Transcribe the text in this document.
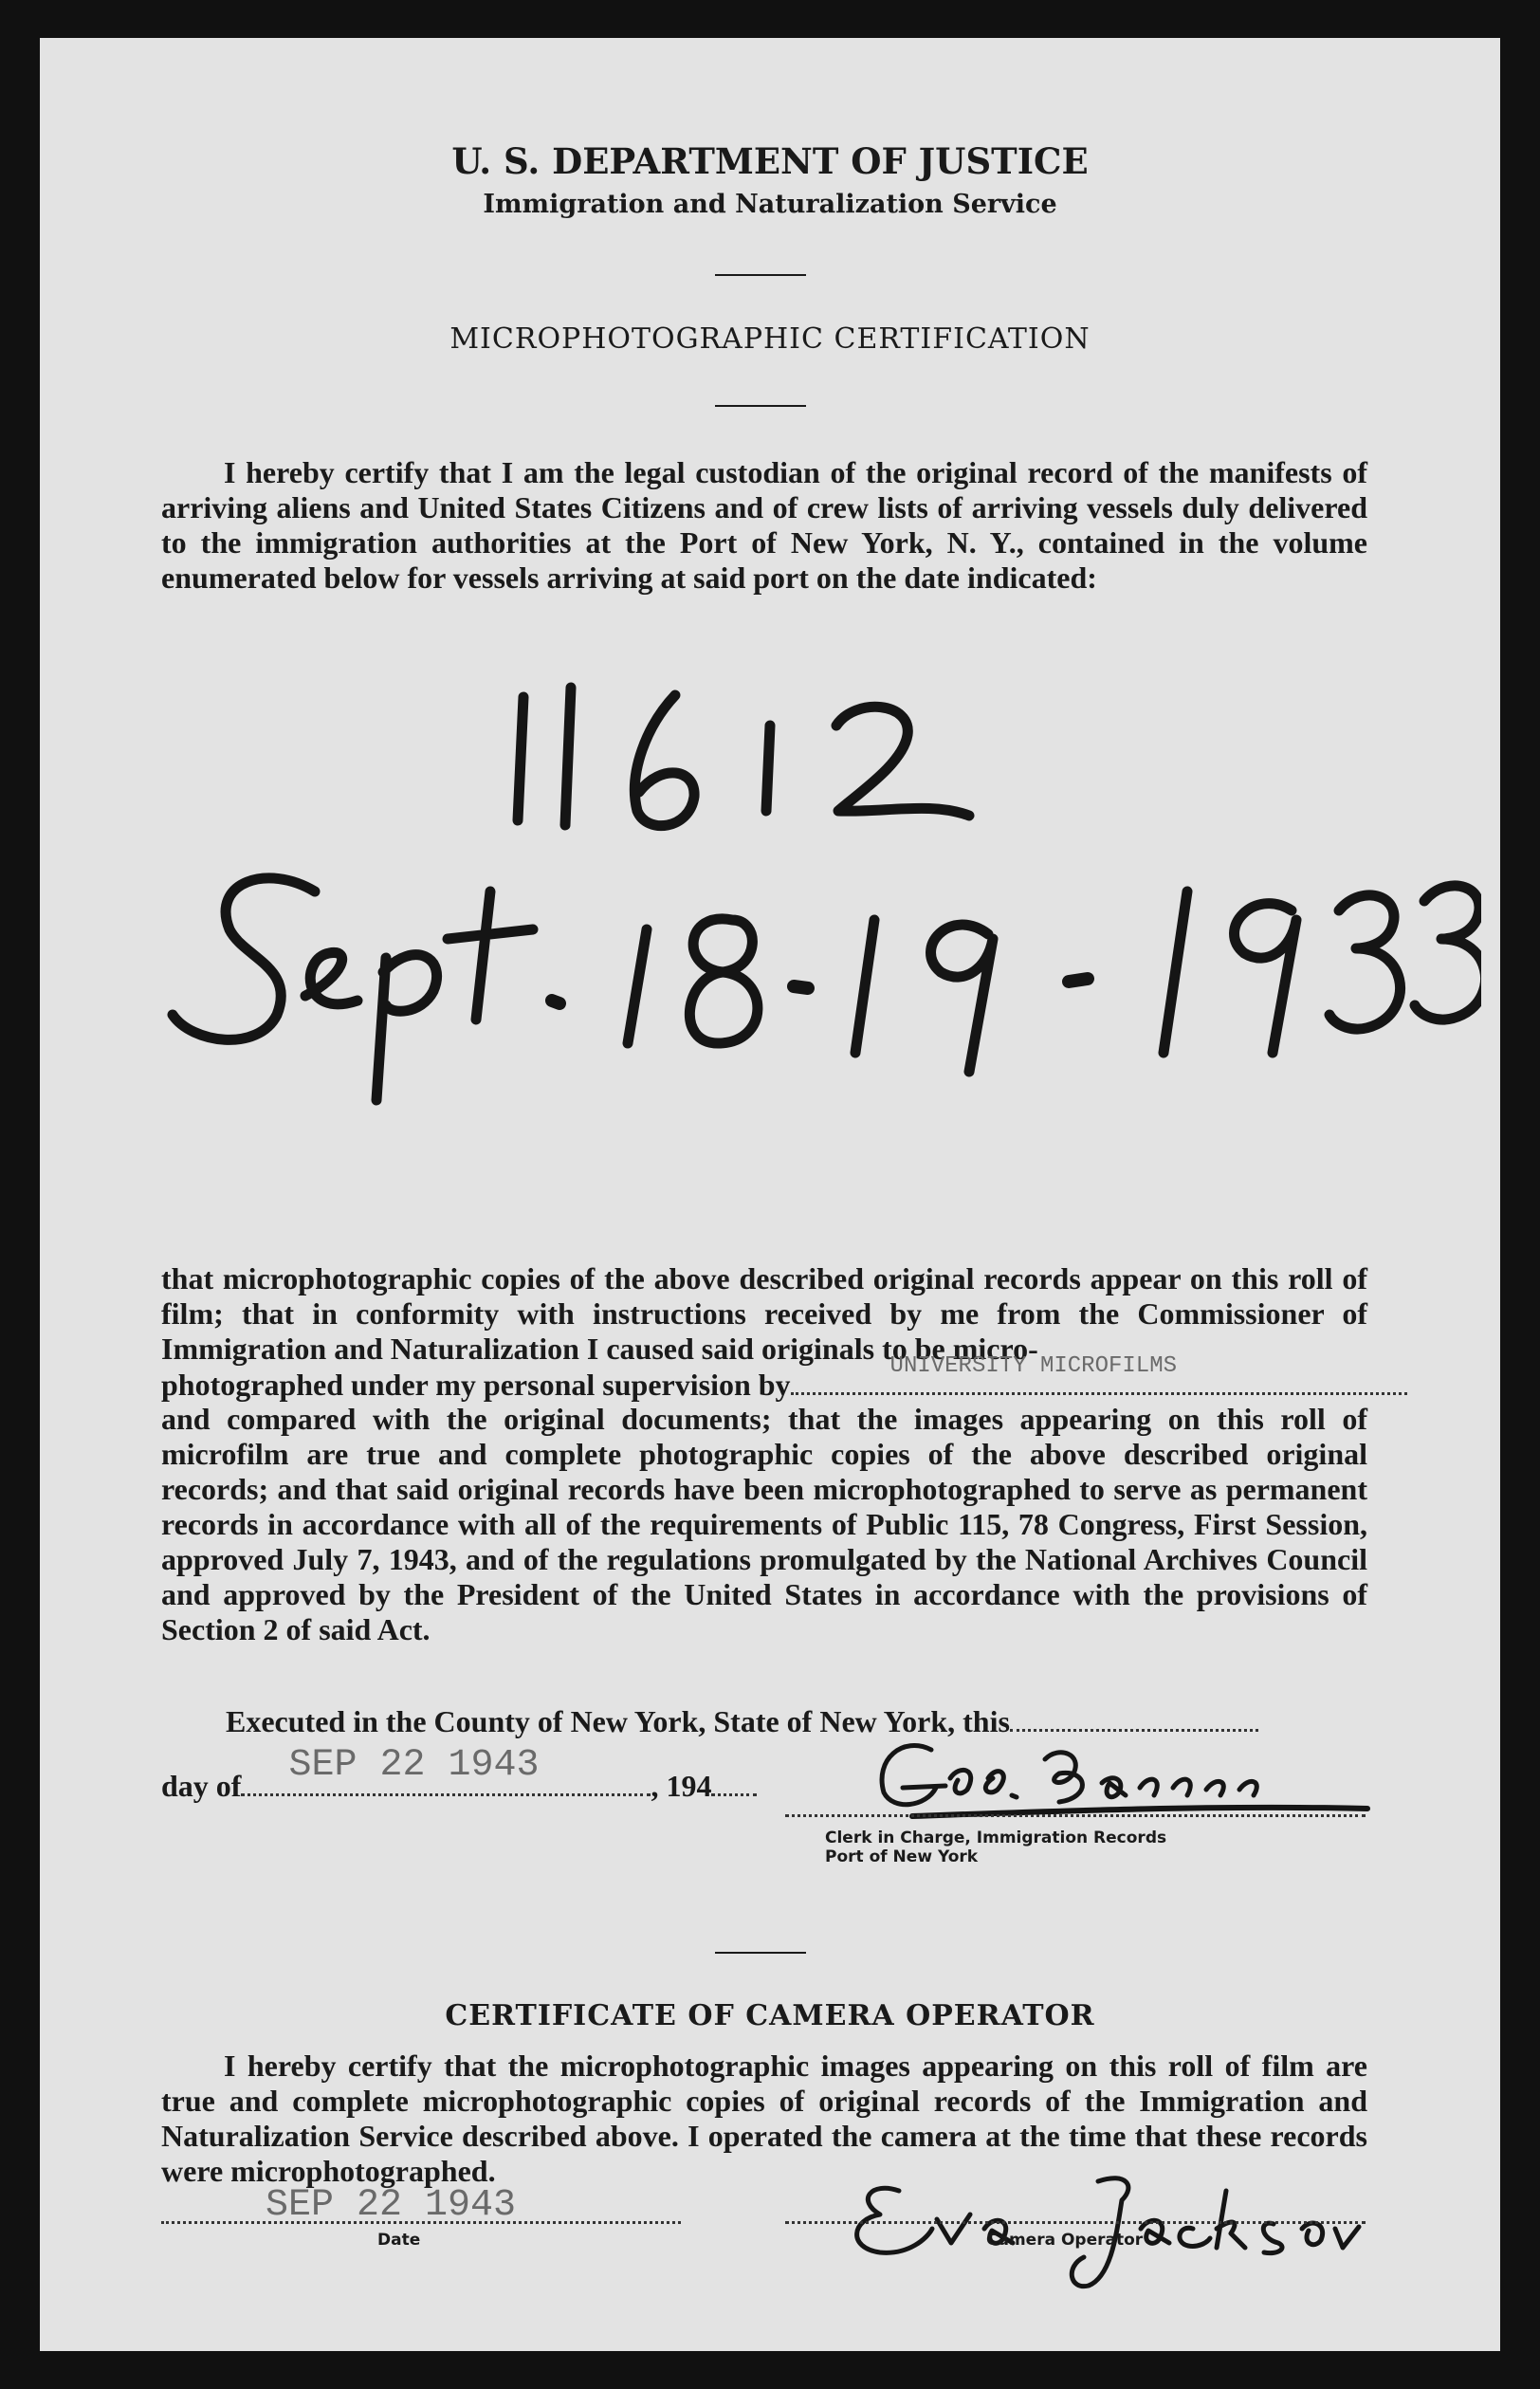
U. S. DEPARTMENT OF JUSTICE
Immigration and Naturalization Service
MICROPHOTOGRAPHIC CERTIFICATION
I hereby certify that I am the legal custodian of the original record of the manifests of arriving aliens and United States Citizens and of crew lists of arriving vessels duly delivered to the immigration authorities at the Port of New York, N. Y., contained in the volume enumerated below for vessels arriving at said port on the date indicated:
that microphotographic copies of the above described original records appear on this roll of film; that in conformity with instructions received by me from the Commissioner of Immigration and Naturalization I caused said originals to be micro-
photographed under my personal supervision by
UNIVERSITY MICROFILMS
and compared with the original documents; that the images appearing on this roll of microfilm are true and complete photographic copies of the above described original records; and that said original records have been microphotographed to serve as permanent records in accordance with all of the requirements of Public 115, 78 Congress, First Session, approved July 7, 1943, and of the regulations promulgated by the National Archives Council and approved by the President of the United States in accordance with the provisions of Section 2 of said Act.
Executed in the County of New York, State of New York, this
day of SEP 22 1943	, 194
Clerk in Charge, Immigration Records
Port of New York
CERTIFICATE OF CAMERA OPERATOR
I hereby certify that the microphotographic images appearing on this roll of film are true and complete microphotographic copies of original records of the Immigration and Naturalization Service described above. I operated the camera at the time that these records were microphotographed.
SEP 22 1943
Date	Camera Operator
